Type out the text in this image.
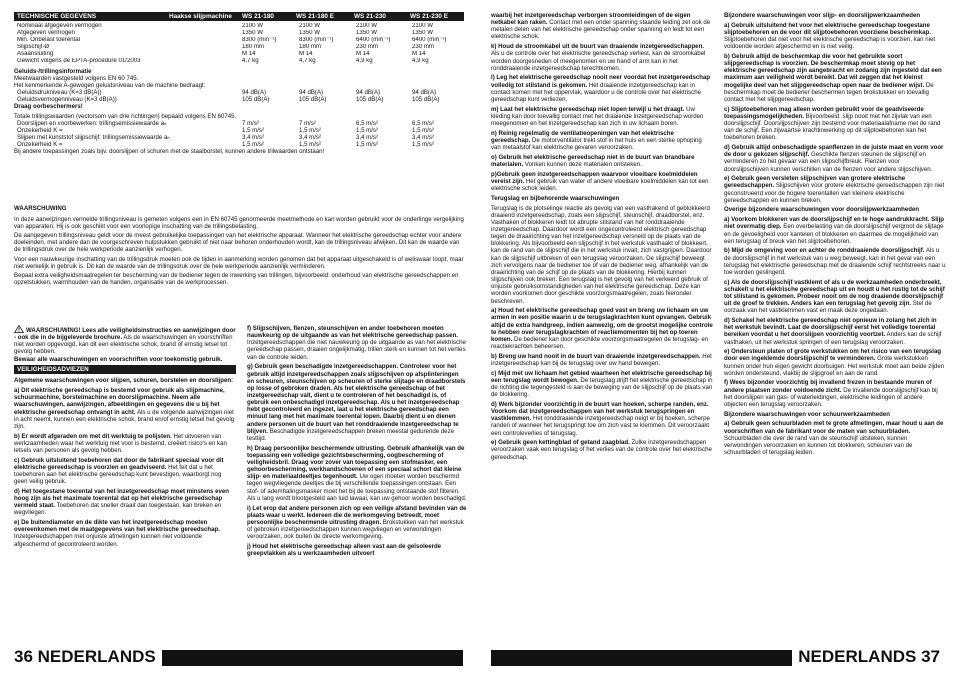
TECHNISCHE GEGEVENS	Haakse slijpmachine WS 21-180	WS 21-180 E	WS 21-230	WS 21-230 E
Nominaal afgegeven vermogen	2100 W	2100 W	2100 W	2100 W
Afgegeven vermogen	1350 W	1350 W	1350 W	1350 W
Min. Onbelast toerental	8300 (min⁻¹)	8300 (min⁻¹)	6400 (min⁻¹)	6400 (min⁻¹)
Slijpschijf-Ø	180 mm	180 mm	230 mm	230 mm
Asaansluiting	M 14	M 14	M 14	M 14
Gewicht volgens de EPTA-procedure 01/2003	4,7 kg	4,7 kg	4,9 kg	4,9 kg
Geluids-/trillingsinformatie
Meetwaarden vastgesteld volgens EN 60 745.
Het kenmerkende A-gewogen geluidsniveau van de machine bedraagt:
Geluidsdrukniveau (K=3 dB(A))	94 dB(A)	94 dB(A)	94 dB(A)	94 dB(A)
Geluidsvermogenniveau (K=3 dB(A))	105 dB(A)	105 dB(A)	105 dB(A)	105 dB(A)
Draag oorbeschermers!
Totale trillingswaarden (vectorsom van drie richtingen) bepaald volgens EN 60745.
Doorslijpen en voorbewerken: trillingsemissiewaarde aₕ	7 m/s²	7 m/s²	6,5 m/s²	6,5 m/s²
Onzekerheid K =	1,5 m/s²	1,5 m/s²	1,5 m/s²	1,5 m/s²
Slijpen met kunststof slijpschijf: trillingsemissiewaarde aₕ	3,4 m/s²	3,4 m/s²	3,4 m/s²	3,4 m/s²
Onzekerheid K =	1,5 m/s²	1,5 m/s²	1,5 m/s²	1,5 m/s²
Bij andere toepassingen zoals bijv. doorslijpen of schuren met de staalborstel, kunnen andere trilwaarden ontstaan!
WAARSCHUWING

In deze aanwijzingen vermelde trillingsniveau is gemeten volgens een in EN 60745 genormeerde meetmethode en kan worden gebruikt voor de onderlinge vergelijking van apparaten. Hij is ook geschikt voor een voorlopige inschatting van de trillingsbelasting.

De aangegeven trillingsniveau geldt voor de meest gebruikelijke toepassingen van het elektrische apparaat. Wanneer het elektrische gereedschap echter voor andere doeleinden, met andere dan de voorgeschreven hulpstukken gebruikt of niet naar behoren onderhouden wordt, kan de trillingsniveau afwijken. Dit kan de waarde van de trillingsdruk over de hele werkperiode aanzienlijk verhogen.

Voor een nauwkeurige inschatting van de trillingsdruk moeten ook de tijden in aanmerking worden genomen dat het apparaat uitgeschakeld is of weliswaar loopt, maar niet werkelijk in gebruik is. Dit kan de waarde van de trillingsdruk over de hele werkperiode aanzienlijk verminderen.

Bepaal extra veiligheidsmaatregelen ter bescherming van de bediener tegen de inwerking van trillingen, bijvoorbeeld: onderhoud van elektrische gereedschappen en opzetstukken, warmhouden van de handen, organisatie van de werkprocessen.

WAARSCHUWING! Lees alle veiligheidsinstructies en aanwijzingen door - ook die in de bijgeleverde brochure. Als de waarschuwingen en voorschriften niet worden opgevolgd, kan dit een elektrische schok, brand of ernstig letsel tot gevolg hebben.
Bewaar alle waarschuwingen en voorschriften voor toekomstig gebruik.

VEILIGHEIDSADVIEZEN

Algemene waarschuwingen voor slijpen, schuren, borstelen en doorslijpen:

a) Dit elektrische gereedschap is bestemd voor gebruik als slijpmachine, schuurmachine, borstelmachine en doorslijpmachine. Neem alle waarschuwingen, aanwijzingen, afbeeldingen en gegevens die u bij het elektrische gereedschap ontvangt in acht. Als u de volgende aanwijzingen niet in acht neemt, kunnen een elektrische schok, brand en/of ernstig letsel het gevolg zijn.

b) Er wordt afgeraden om met dit werktuig te polijsten. Het uitvoeren van werkzaamheden waar het werktuig niet voor is bestemd, creëert risico's en kan letsels van personen als gevolg hebben.

c) Gebruik uitsluitend toebehoren dat door de fabrikant speciaal voor dit elektrische gereedschap is voorzien en geadviseerd. Het feit dat u het toebehoren aan het elektrische gereedschap kunt bevestigen, waarborgt nog geen veilig gebruik.

d) Het toegestane toerental van het inzetgereedschap moet minstens even hoog zijn als het maximale toerental dat op het elektrische gereedschap vermeld staat. Toebehoren dat sneller draait dan toegestaan, kan breken en wegvliegen.

e) De buitendiameter en de dikte van het inzetgereedschap moeten overeenkomen met de maatgegevens van het elektrische gereedschap. Inzetgereedschappen met onjuiste afmetingen kunnen niet voldoende afgeschermd of gecontroleerd worden.

f) Slijpschijven, flenzen, steunschijven en ander toebehoren moeten nauwkeurig op de uitgaande as van het elektrische gereedschap passen. Inzetgereedschappen die niet nauwkeurig op de uitgaande as van het elektrische gereedschap passen, draaien ongelijkmatig, trillen sterk en kunnen tot het verlies van de controle leiden.

g) Gebruik geen beschadigde inzetgereedschappen. Controleer voor het gebruik altijd inzetgereedschappen zoals slijpschijven op afsplinteringen en scheuren, steunschijven op scheuren of sterke slijtage en draadborstels op losse of gebroken draden. Als het elektrische gereedschap of het inzetgereedschap valt, dient u te controleren of het beschadigd is, of gebruik een onbeschadigd inzetgereedschap. Als u het inzetgereedschap hebt gecontroleerd en ingezet, laat u het elektrische gereedschap een minuut lang met het maximale toerental lopen. Daarbij dient u en dienen andere personen uit de buurt van het ronddraaiende inzetgereedschap te blijven. Beschadigde inzetgereedschappen breken meestal gedurende deze testtijd.

h) Draag persoonlijke beschermende uitrusting. Gebruik afhankelijk van de toepassing een volledige gezichtsbescherming, oogbescherming of veiligheidsbril. Draag voor zover van toepassing een stofmasker, een gehoorbescherming, werkhandschoenen of een speciaal schort dat kleine slijp- en materiaaldeeltjes tegenhoudt. Uw ogen moeten worden beschermd tegen wegvliegende deeltjes die bij verschillende toepassingen ontstaan. Een stof- of ademhalingsmasker moet het bij de toepassing ontstaande stof filteren. Als u lang wordt blootgesteld aan luid lawaai, kan uw gehoor worden beschadigd.

i) Let erop dat andere personen zich op een veilige afstand bevinden van de plaats waar u werkt. Iedereen die de werkomgeving betreedt, moet persoonlijke beschermende uitrusting dragen. Brokstukken van het werkstuk of gebroken inzetgereedschappen kunnen wegvliegen en verwondingen veroorzaken, ook buiten de directe werkomgeving.

j) Houd het elektrische gereedschap alleen vast aan de geïsoleerde greepvlakken als u werkzaamheden uitvoert

36 NEDERLANDS

waarbij het inzetgereedschap verborgen stroomleidingen of de eigen netkabel kan raken. Contact met een onder spanning staande leiding zet ook de metalen delen van het elektrische gereedschap onder spanning en leidt tot een elektrische schok.

k) Houd de stroomkabel uit de buurt van draaiende inzetgereedschappen. Als u de controle over het elektrische gereedschap verliest, kan de stroomkabel worden doorgesneden of meegenomen en uw hand of arm kan in het ronddraaiende inzetgereedschap terechtkomen.

l) Leg het elektrische gereedschap nooit neer voordat het inzetgereedschap volledig tot stilstand is gekomen. Het draaiende inzetgereedschap kan in contact komen met het oppervlak, waardoor u de controle over het elektrische gereedschap kunt verliezen.

m) Laat het elektrische gereedschap niet lopen terwijl u het draagt. Uw kleding kan door toevallig contact met het draaiende inzetgereedschap worden meegenomen en het inzetgereedschap kan zich in uw lichaam boren.

n) Reinig regelmatig de ventilatieopeningen van het elektrische gereedschap. De motorventilator trekt stof in het huis en een sterke ophoping van metaalstof kan elektrische gevaren veroorzaken.

o) Gebruik het elektrische gereedschap niet in de buurt van brandbare materialen. Vonken kunnen deze materialen ontsteken.

p)Gebruik geen inzetgereedschappen waarvoor vloeibare koelmiddelen vereist zijn. Het gebruik van water of andere vloeibare koelmiddelen kan tot een elektrische schok leiden.

Terugslag en bijbehorende waarschuwingen

Terugslag is de plotselinge reactie als gevolg van een vasthakend of geblokkeerd draaiend inzetgereedschap, zoals een slijpschijf, steunschijf, draadborstel, enz. Vasthaken of blokkeren leidt tot abrupte stilstand van het ronddraaiende inzetgereedschap. Daardoor wordt een ongecontroleerd elektrisch gereedschap tegen de draairichting van het inzetgereedschap versneld op de plaats van de blokkering. Als bijvoorbeeld een slijpschijf in het werkstuk vasthaakt of blokkeert, kan de rand van de slijpschijf die in het werkstuk invalt, zich vastgrijpen. Daardoor kan de slijpschijf uitbreken of een terugslag veroorzaken. De slijpschijf beweegt zich vervolgens naar de bediener toe of van de bediener weg, afhankelijk van de draairichting van de schijf op de plaats van de blokkering. Hierbij kunnen slijpschijven ook breken. Een terugslag is het gevolg van het verkeerd gebruik of onjuiste gebruiksomstandigheden van het elektrische gereedschap. Deze kan worden voorkomen door geschikte voorzorgsmaatregelen, zoals hieronder beschreven.

a) Houd het elektrische gereedschap goed vast en breng uw lichaam en uw armen in een positie waarin u de terugslagkrachten kunt opvangen. Gebruik altijd de extra handgreep, indien aanwezig, om de grootst mogelijke controle te hebben over terugslagkrachten of reactiemomenten bij het op toeren komen. De bediener kan door geschikte voorzorgsmaatregelen de terugslag- en reactiekrachten beheersen.

b) Breng uw hand nooit in de buurt van draaiende inzetgereedschappen. Het inzetgereedschap kan bij de terugslag over uw hand bewegen.

c) Mijd met uw lichaam het gebied waarheen het elektrische gereedschap bij een terugslag wordt bewogen. De terugslag drijft het elektrische gereedschap in de richting die tegengesteld is aan de beweging van de slijpschijf op de plaats van de blokkering.

d) Werk bijzonder voorzichtig in de buurt van hoeken, scherpe randen, enz. Voorkom dat inzetgereedschappen van het werkstuk terugspringen en vastklemmen. Het ronddraaiende inzetgereedschap neigt er bij hoeken, scherpe randen of wanneer het terugspringt toe om zich vast te klemmen. Dit veroorzaakt een controleverlies of terugslag.

e) Gebruik geen kettingblad of getand zaagblad. Zulke inzetgereedschappen veroorzaken vaak een terugslag of het verlies van de controle over het elektrische gereedschap.

Bijzondere waarschuwingen voor slijp- en doorslijpwerkzaamheden

a) Gebruik uitsluitend het voor het elektrische gereedschap toegestane slijptoebehoren en de voor dit slijptoebehoren voorziene beschermkap. Slijptoebehoren dat niet voor het elektrische gereedschap is voorzien, kan niet voldoende worden afgeschermd en is niet veilig.

b) Gebruik altijd de beschermkap die voor het gebruikte soort slijpgereedschap is voorzien. De beschermkap moet stevig op het elektrische gereedschap zijn aangebracht en zodanig zijn ingesteld dat een maximum aan veiligheid wordt bereikt. Dat wil zeggen dat het kleinst mogelijke deel van het slijpgereedschap open naar de bediener wijst. De beschermkap moet de bediener beschermen tegen brokstukken en toevallig contact met het slijpgereedschap.

c) Slijptoebehoren mag alleen worden gebruikt voor de geadviseerde toepassingsmogelijkheden. Bijvoorbeeld: slijp nooit met het zijvlak van een doorslijpschijf. Doorslijpschijven zijn bestemd voor materiaalafname met de rand van de schijf. Een zijwaartse krachtinwerking op dit slijptoebehoren kan het toebehoren breken.

d) Gebruik altijd onbeschadigde spanflenzen in de juiste maat en vorm voor de door u gekozen slijpschijf. Geschikte flenzen steunen de slijpschijf en verminderen zo het gevaar van een slijpschijfbreuk. Flenzen voor doorslijpschijven kunnen verschillen van de flenzen voor andere slijpschijven.

e) Gebruik geen versleten slijpschijven van grotere elektrische gereedschappen. Slijpschijven voor grotere elektrische gereedschappen zijn niet geconstrueerd voor de hogere toerentallen van kleinere elektrische gereedschappen en kunnen breken.

Overige bijzondere waarschuwingen voor doorslijpwerkzaamheden

a) Voorkom blokkeren van de doorslijpschijf en te hoge aandrukkracht. Slijp niet overmatig diep. Een overbelasting van de doorslijpschijf vergroot de slijtage en de gevoeligheid voor kantelen of blokkeren en daarmee de mogelijkheid van een terugslag of breuk van het slijptoebehoren.

b) Mijd de omgeving voor en achter de ronddraaiende doorslijpschijf. Als u de doorslijpschijf in het werkstuk van u weg beweegt, kan in het geval van een terugslag het elektrische gereedschap met de draaiende schijf rechtstreeks naar u toe worden geslingerd.

c) Als de doorslijpschijf vastklemt of als u de werkzaamheden onderbreekt, schakelt u het elektrische gereedschap uit en houdt u het rustig tot de schijf tot stilstand is gekomen. Probeer nooit om de nog draaiende doorslijpschijf uit de groef te trekken. Anders kan een terugslag het gevolg zijn. Stel de oorzaak van het vastklemmen vast en maak deze ongedaan.

d) Schakel het elektrische gereedschap niet opnieuw in zolang het zich in het werkstuk bevindt. Laat de doorslijpschijf eerst het volledige toerental bereiken voordat u het doorslijpen voorzichtig voortzet. Anders kan de schijf vasthaken, uit het werkstuk springen of een terugslag veroorzaken.

e) Ondersteun platen of grote werkstukken om het risico van een terugslag door een ingeklemde doorslijpschijf te verminderen. Grote werkstukken kunnen onder hun eigen gewicht doorbuigen. Het werkstuk moet aan beide zijden worden ondersteund, vlakbij de slijpgroef en aan de rand.

f) Wees bijzonder voorzichtig bij invallend frezen in bestaande muren of andere plaatsen zonder voldoende zicht. De invallende doorslijpschijf kan bij het doorslijpen van gas- of waterleidingen, elektrische leidingen of andere objecten een terugslag veroorzaken.

Bijzondere waarschuwingen voor schuurwerkzaamheden

a) Gebruik geen schuurbladen met te grote afmetingen, maar houd u aan de voorschriften van de fabrikant voor de maten van schuurbladen. Schuurbladen die over de rand van de steunschijf uitsteken, kunnen verwondingen veroorzaken en kunnen tot blokkeren, scheuren van de schuurbladen of terugslag leiden.

NEDERLANDS 37
